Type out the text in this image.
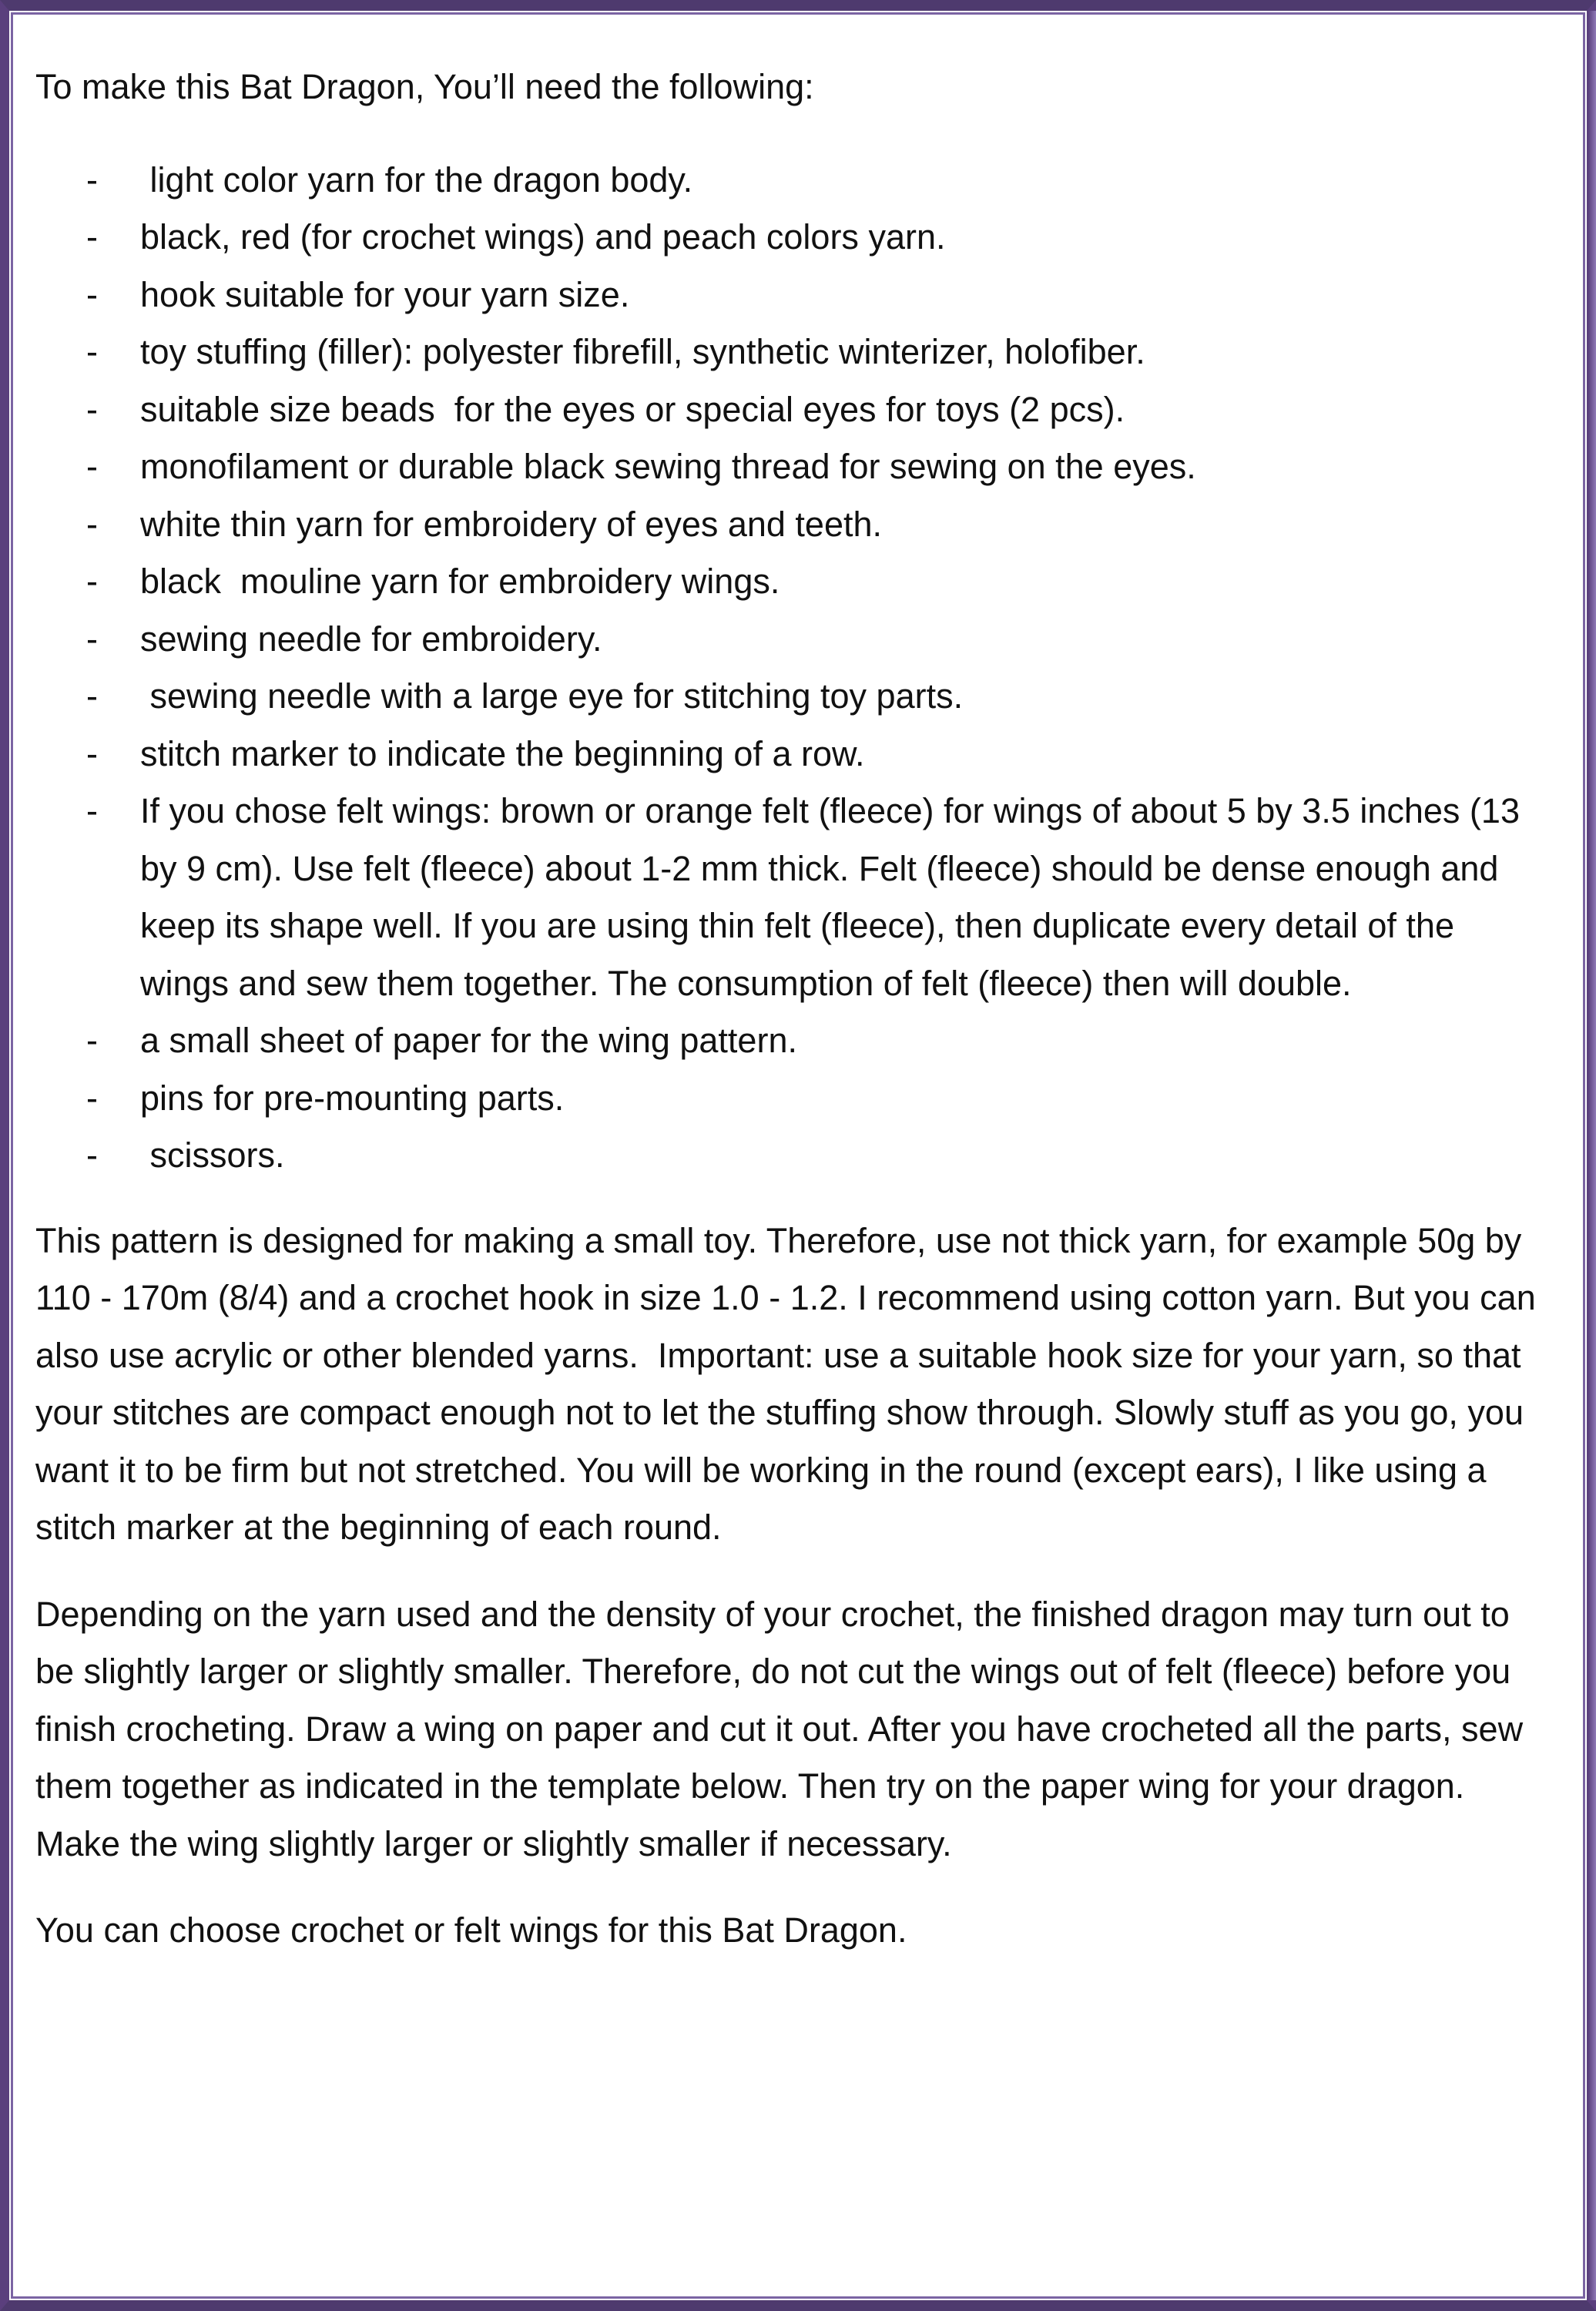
To make this Bat Dragon, You’ll need the following:

- light color yarn for the dragon body.
- black, red (for crochet wings) and peach colors yarn.
- hook suitable for your yarn size.
- toy stuffing (filler): polyester fibrefill, synthetic winterizer, holofiber.
- suitable size beads  for the eyes or special eyes for toys (2 pcs).
- monofilament or durable black sewing thread for sewing on the eyes.
- white thin yarn for embroidery of eyes and teeth.
- black  mouline yarn for embroidery wings.
- sewing needle for embroidery.
- sewing needle with a large eye for stitching toy parts.
- stitch marker to indicate the beginning of a row.
- If you chose felt wings: brown or orange felt (fleece) for wings of about 5 by 3.5 inches (13 by 9 cm). Use felt (fleece) about 1-2 mm thick. Felt (fleece) should be dense enough and keep its shape well. If you are using thin felt (fleece), then duplicate every detail of the wings and sew them together. The consumption of felt (fleece) then will double.
- a small sheet of paper for the wing pattern.
- pins for pre-mounting parts.
- scissors.

This pattern is designed for making a small toy. Therefore, use not thick yarn, for example 50g by 110 - 170m (8/4) and a crochet hook in size 1.0 - 1.2. I recommend using cotton yarn. But you can also use acrylic or other blended yarns.  Important: use a suitable hook size for your yarn, so that your stitches are compact enough not to let the stuffing show through. Slowly stuff as you go, you want it to be firm but not stretched. You will be working in the round (except ears), I like using a stitch marker at the beginning of each round.

Depending on the yarn used and the density of your crochet, the finished dragon may turn out to be slightly larger or slightly smaller. Therefore, do not cut the wings out of felt (fleece) before you finish crocheting. Draw a wing on paper and cut it out. After you have crocheted all the parts, sew them together as indicated in the template below. Then try on the paper wing for your dragon. Make the wing slightly larger or slightly smaller if necessary.

You can choose crochet or felt wings for this Bat Dragon.
